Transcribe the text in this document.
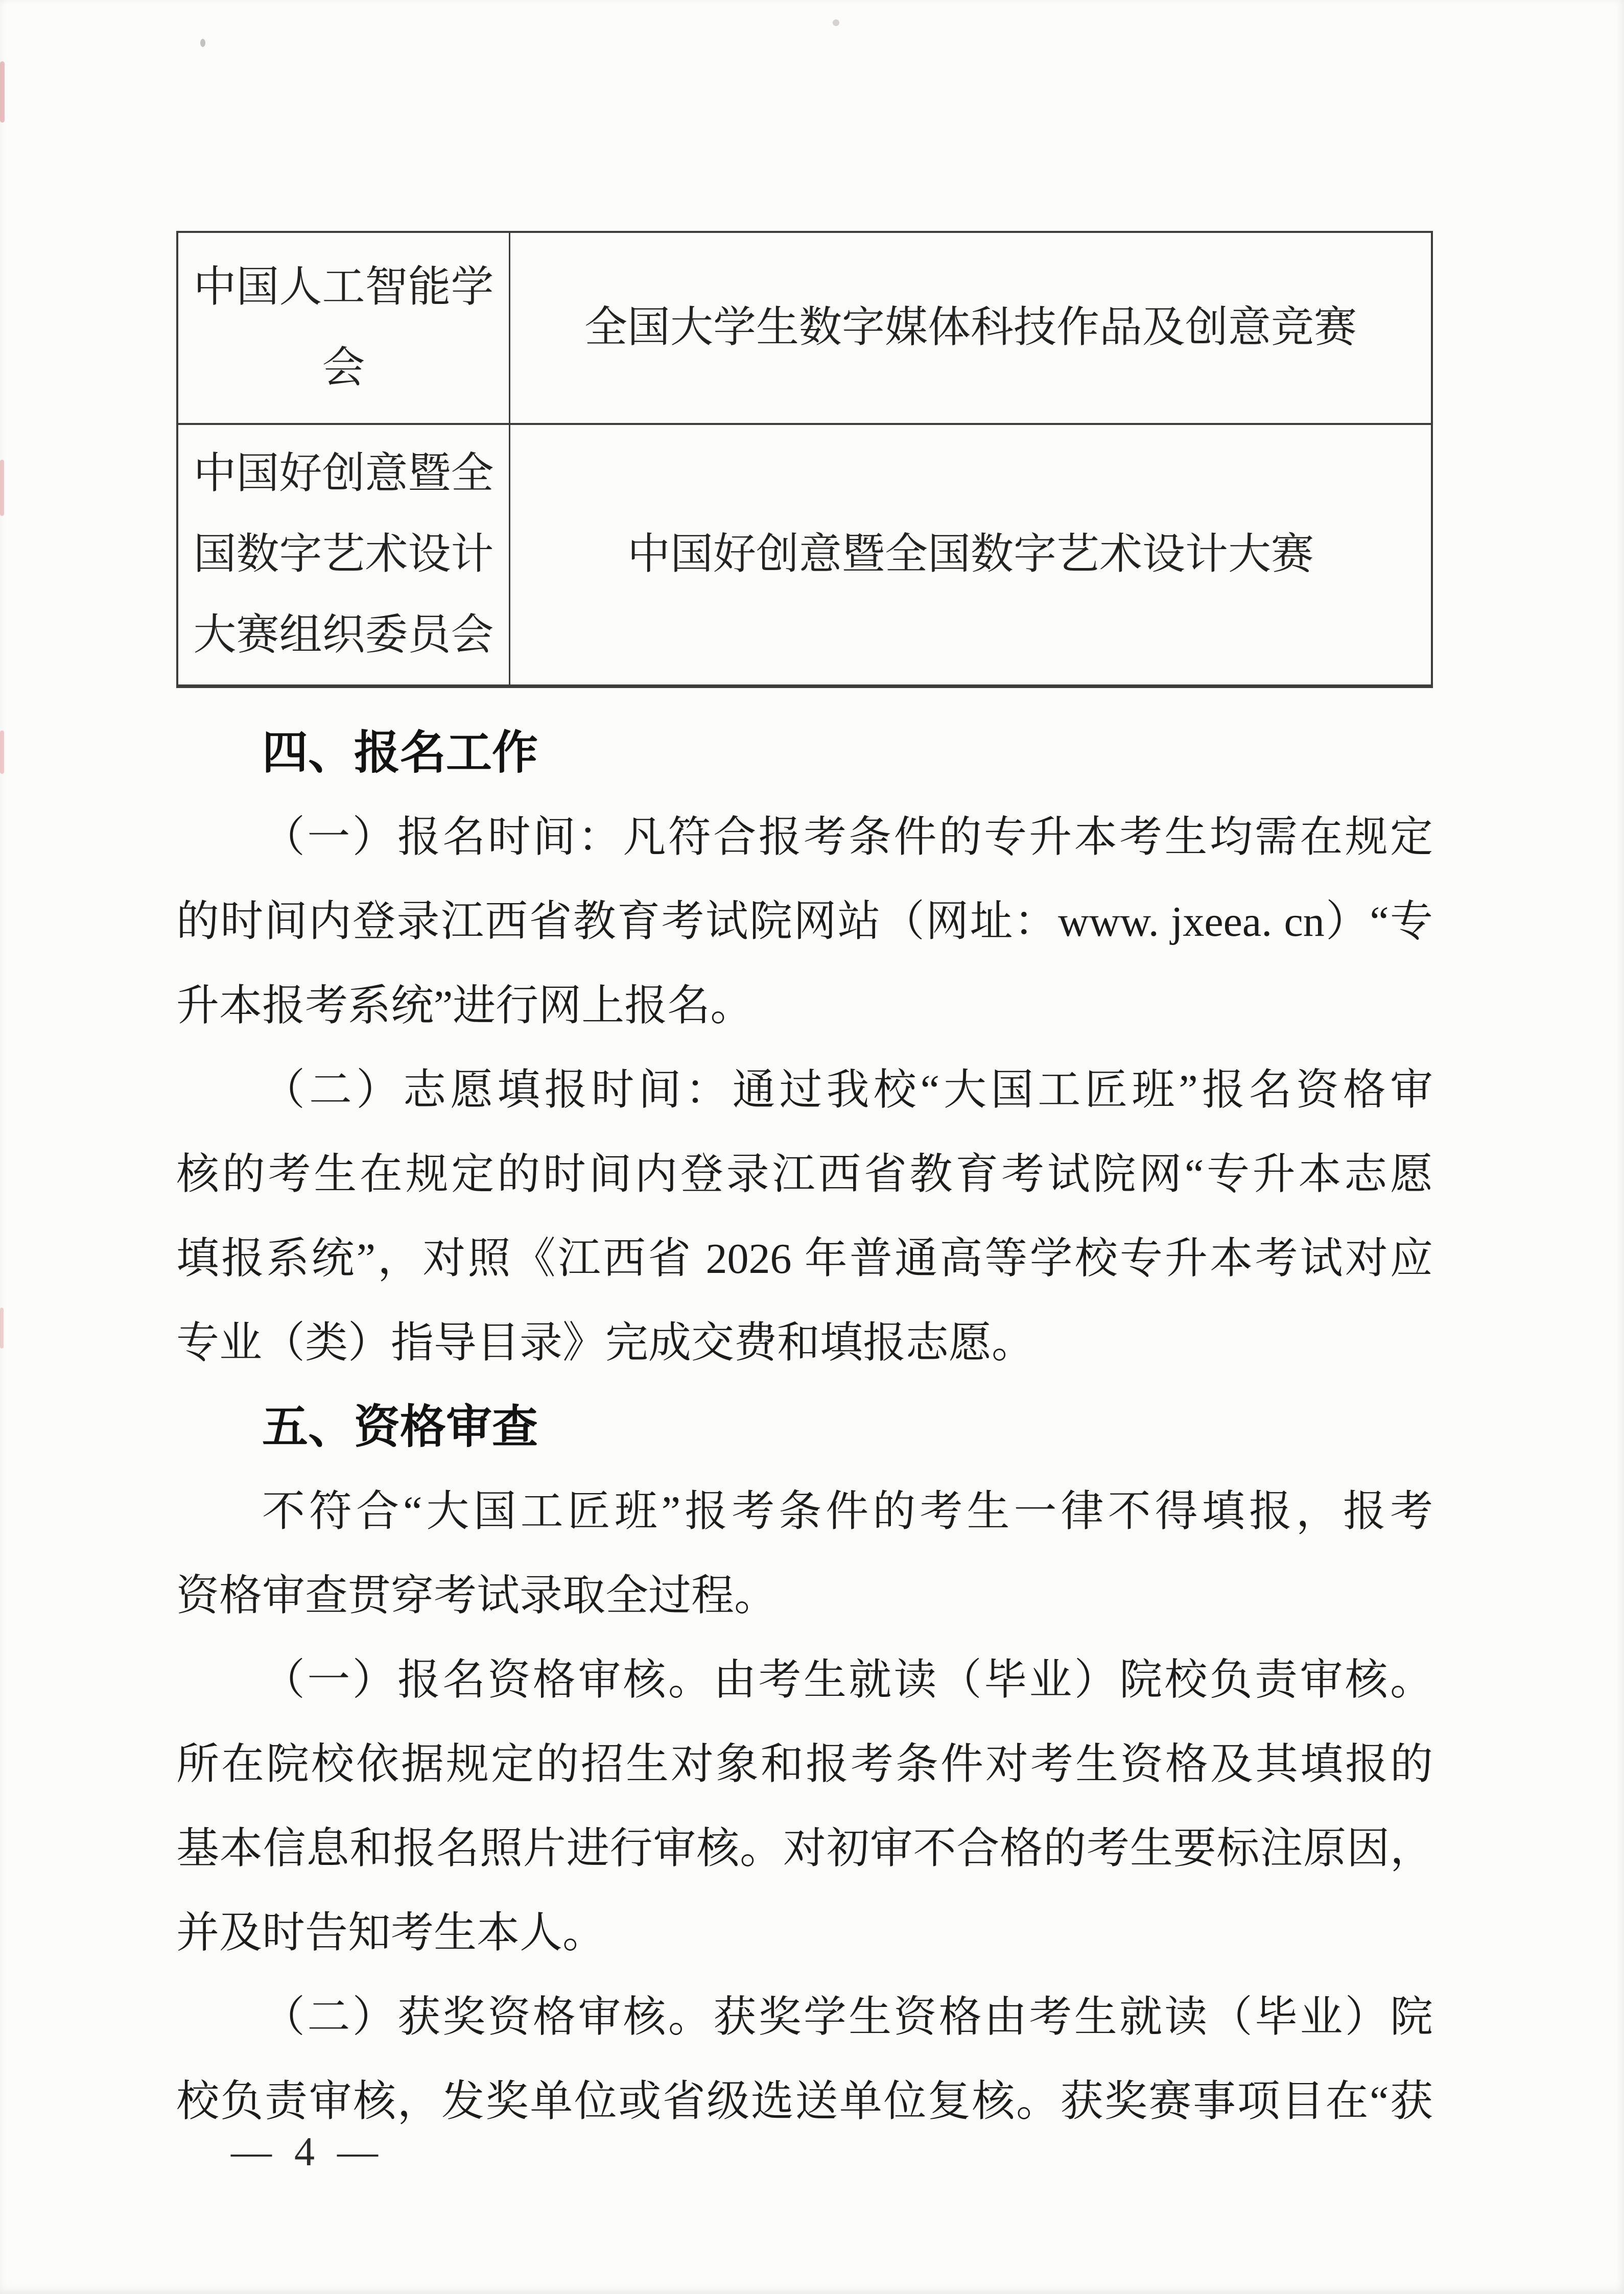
中国人工智能学会
全国大学生数字媒体科技作品及创意竞赛
中国好创意暨全国数字艺术设计大赛组织委员会
中国好创意暨全国数字艺术设计大赛
四、报名工作
（一）报名时间：凡符合报考条件的专升本考生均需在规定
的时间内登录江西省教育考试院网站（网址：www. jxeea. cn）“专
升本报考系统”进行网上报名。
（二）志愿填报时间：通过我校“大国工匠班”报名资格审
核的考生在规定的时间内登录江西省教育考试院网“专升本志愿
填报系统”，对照《江西省 2026 年普通高等学校专升本考试对应
专业（类）指导目录》完成交费和填报志愿。
五、资格审查
不符合“大国工匠班”报考条件的考生一律不得填报，报考
资格审查贯穿考试录取全过程。
（一）报名资格审核。由考生就读（毕业）院校负责审核。
所在院校依据规定的招生对象和报考条件对考生资格及其填报的
基本信息和报名照片进行审核。对初审不合格的考生要标注原因，
并及时告知考生本人。
（二）获奖资格审核。获奖学生资格由考生就读（毕业）院
校负责审核，发奖单位或省级选送单位复核。获奖赛事项目在“获
— 4 —
